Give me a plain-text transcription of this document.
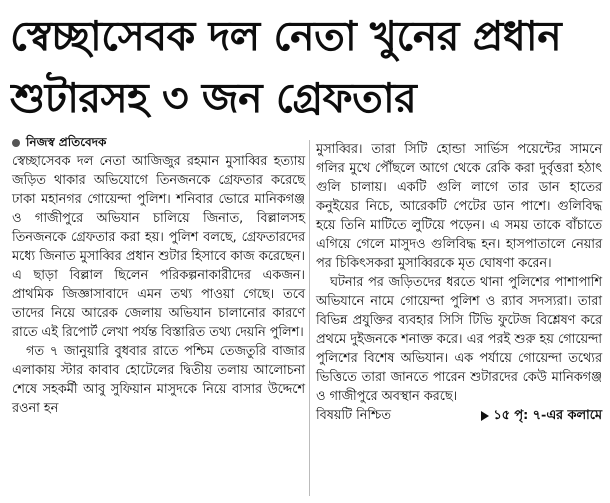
স্বেচ্ছাসেবক দল নেতা খুনের প্রধান
শুটারসহ ৩ জন গ্রেফতার
নিজস্ব প্রতিবেদক

স্বেচ্ছাসেবক দল নেতা আজিজুর রহমান মুসাব্বির হত্যায় জড়িত থাকার অভিযোগে তিনজনকে গ্রেফতার করেছে ঢাকা মহানগর গোয়েন্দা পুলিশ। শনিবার ভোরে মানিকগঞ্জ ও গাজীপুরে অভিযান চালিয়ে জিনাত, বিল্লালসহ তিনজনকে গ্রেফতার করা হয়। পুলিশ বলছে, গ্রেফতারদের মধ্যে জিনাত মুসাব্বির প্রধান শুটার হিসাবে কাজ করেছেন। এ ছাড়া বিল্লাল ছিলেন পরিকল্পনাকারীদের একজন। প্রাথমিক জিজ্ঞাসাবাদে এমন তথ্য পাওয়া গেছে। তবে তাদের নিয়ে আরেক জেলায় অভিযান চালানোর কারণে রাতে এই রিপোর্ট লেখা পর্যন্ত বিস্তারিত তথ্য দেয়নি পুলিশ।

গত ৭ জানুয়ারি বুধবার রাতে পশ্চিম তেজতুরি বাজার এলাকায় স্টার কাবাব হোটেলের দ্বিতীয় তলায় আলোচনা শেষে সহকর্মী আবু সুফিয়ান মাসুদকে নিয়ে বাসার উদ্দেশে রওনা হন

মুসাব্বির। তারা সিটি হোন্ডা সার্ভিস পয়েন্টের সামনে গলির মুখে পৌঁছলে আগে থেকে রেকি করা দুর্বৃত্তরা হঠাৎ গুলি চালায়। একটি গুলি লাগে তার ডান হাতের কনুইয়ের নিচে, আরেকটি পেটের ডান পাশে। গুলিবিদ্ধ হয়ে তিনি মাটিতে লুটিয়ে পড়েন। এ সময় তাকে বাঁচাতে এগিয়ে গেলে মাসুদও গুলিবিদ্ধ হন। হাসপাতালে নেয়ার পর চিকিৎসকরা মুসাব্বিরকে মৃত ঘোষণা করেন।

ঘটনার পর জড়িতদের ধরতে থানা পুলিশের পাশাপাশি অভিযানে নামে গোয়েন্দা পুলিশ ও র‌্যাব সদস্যরা। তারা বিভিন্ন প্রযুক্তির ব্যবহার সিসি টিভি ফুটেজ বিশ্লেষণ করে প্রথমে দুইজনকে শনাক্ত করে। এর পরই শুরু হয় গোয়েন্দা পুলিশের বিশেষ অভিযান। এক পর্যায়ে গোয়েন্দা তথ্যের ভিত্তিতে তারা জানতে পারেন শুটারদের কেউ মানিকগঞ্জ ও গাজীপুরে অবস্থান করছে।

বিষয়টি নিশ্চিত	১৫ পৃ: ৭-এর কলামে
